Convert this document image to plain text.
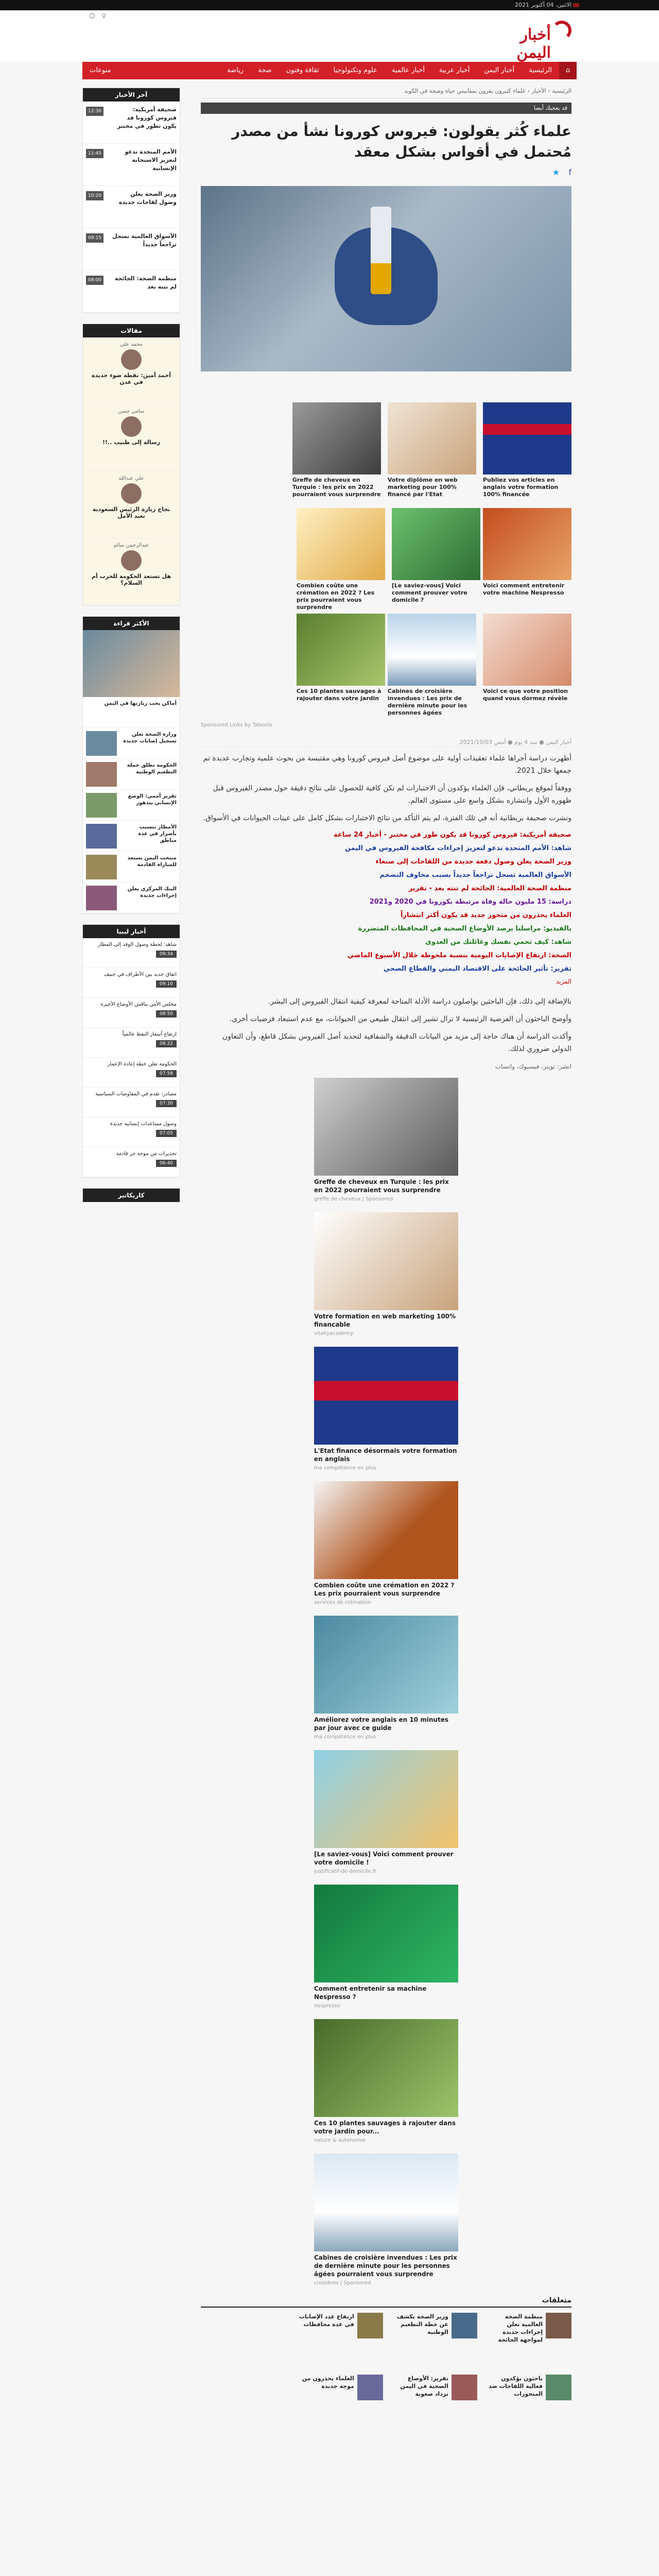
الاثنين، 04 أكتوبر 2021
أخبار اليمن
⚲ ☺
⌂
الرئيسية
أخبار اليمن
أخبار عربية
أخبار عالمية
علوم وتكنولوجيا
ثقافة وفنون
صحة
رياضة
منوعات
الرئيسية › الأخبار › علماء كثيرون يقرون بمقاييس حياة وصحة في الكويد
قد يعجبك أيضا
علماء كُثر يقولون: فيروس كورونا نشأ من مصدر مُحتمل في أقواس بشكل معقد
f ★
Publiez vos articles en anglais votre formation 100% financée

Votre diplôme en web marketing pour 100% financé par l'Etat

Greffe de cheveux en Turquie : les prix en 2022 pourraient vous surprendre

Voici comment entretenir votre machine Nespresso

[Le saviez-vous] Voici comment prouver votre domicile ?

Combien coûte une crémation en 2022 ? Les prix pourraient vous surprendre

Voici ce que votre position quand vous dormez révèle

Cabines de croisière invendues : Les prix de dernière minute pour les personnes âgées

Ces 10 plantes sauvages à rajouter dans votre jardin
Sponsored Links by Taboola
أخبار اليمن ‏● ‏منذ 4 يوم ‏● ‏أمس 2021/10/03

أظهرت دراسة أجراها علماء تعقيدات أولية على موضوع أصل فيروس كورونا وهي مقتبسة من بحوث علمية وتجارب عديدة تم جمعها خلال 2021.

ووفقاً لموقع بريطاني، فإن العلماء يؤكدون أن الاختبارات لم تكن كافية للحصول على نتائج دقيقة حول مصدر الفيروس قبل ظهوره الأول وانتشاره بشكل واسع على مستوى العالم.

ونشرت صحيفة بريطانية أنه في تلك الفترة، لم يتم التأكد من نتائج الاختبارات بشكل كامل على عينات الحيوانات في الأسواق.

صحيفة أمريكية: فيروس كورونا قد يكون طور في مختبر - أخبار 24 ساعة
شاهد: الأمم المتحدة تدعو لتعزيز إجراءات مكافحة الفيروس في اليمن
وزير الصحة يعلن وصول دفعة جديدة من اللقاحات إلى صنعاء
الأسواق العالمية تسجل تراجعاً جديداً بسبب مخاوف التضخم
منظمة الصحة العالمية: الجائحة لم تنته بعد - تقرير
دراسة: 15 مليون حالة وفاة مرتبطة بكورونا في 2020 و2021
العلماء يحذرون من متحور جديد قد يكون أكثر انتشاراً
بالفيديو: مراسلنا يرصد الأوضاع الصحية في المحافظات المتضررة
شاهد: كيف تحمي نفسك وعائلتك من العدوى
الصحة: ارتفاع الإصابات اليومية بنسبة ملحوظة خلال الأسبوع الماضي
تقرير: تأثير الجائحة على الاقتصاد اليمني والقطاع الصحي
المزيد

بالإضافة إلى ذلك، فإن الباحثين يواصلون دراسة الأدلة المتاحة لمعرفة كيفية انتقال الفيروس إلى البشر.

وأوضح الباحثون أن الفرضية الرئيسية لا تزال تشير إلى انتقال طبيعي من الحيوانات، مع عدم استبعاد فرضيات أخرى.

وأكدت الدراسة أن هناك حاجة إلى مزيد من البيانات الدقيقة والشفافية لتحديد أصل الفيروس بشكل قاطع، وأن التعاون الدولي ضروري لذلك.

انشر: تويتر، فيسبوك، واتساب
Greffe de cheveux en Turquie : les prix en 2022 pourraient vous surprendre
greffe de cheveux | Sponsored
Votre formation en web marketing 100% financable
vitaliyacademy
L'Etat finance désormais votre formation en anglais
ma compétence en plus
Combien coûte une crémation en 2022 ? Les prix pourraient vous surprendre
services de crémation
Améliorez votre anglais en 10 minutes par jour avec ce guide
ma compétence en plus
[Le saviez-vous] Voici comment prouver votre domicile !
justificatif-de-domicile.fr
Comment entretenir sa machine Nespresso ?
nespresso
Ces 10 plantes sauvages à rajouter dans votre jardin pour...
nature & autonomie
Cabines de croisière invendues : Les prix de dernière minute pour les personnes âgées pourraient vous surprendre
croisières | Sponsored
متعلقات
منظمة الصحة العالمية تعلن إجراءات جديدة لمواجهة الجائحة

وزير الصحة يكشف عن خطة التطعيم الوطنية

ارتفاع عدد الإصابات في عدة محافظات

باحثون يؤكدون فعالية اللقاحات ضد المتحورات

تقرير: الأوضاع الصحية في اليمن تزداد صعوبة

العلماء يحذرون من موجة جديدة
آخر الأخبار
12:30	صحيفة أمريكية: فيروس كورونا قد يكون تطور في مختبر
11:45	الأمم المتحدة تدعو لتعزيز الاستجابة الإنسانية
10:20	وزير الصحة يعلن وصول لقاحات جديدة
09:15	الأسواق العالمية تسجل تراجعاً جديداً
08:00	منظمة الصحة: الجائحة لم تنته بعد
مقالات
محمد علي
أحمد أمين: نقطة ضوء جديدة في عدن
سامي حسن
رسالة إلى طبيب ..!!
علي عبدالله
نجاح زيارة الرئيس السعودية تعيد الأمل
عبدالرحمن سالم
هل تستعد الحكومة للحرب أم السلام؟
الأكثر قراءة
أماكن يجب زيارتها في اليمن
وزارة الصحة تعلن تسجيل إصابات جديدة
الحكومة تطلق حملة التطعيم الوطنية
تقرير أممي: الوضع الإنساني يتدهور
الأمطار تتسبب بأضرار في عدة مناطق
منتخب اليمن يستعد للمباراة القادمة
البنك المركزي يعلن إجراءات جديدة
أخبار ليبيا
شاهد: لحظة وصول الوفد إلى المطار
09:34
اتفاق جديد بين الأطراف في جنيف
09:10
مجلس الأمن يناقش الأوضاع الأخيرة
08:50
ارتفاع أسعار النفط عالمياً
08:22
الحكومة تعلن خطة إعادة الإعمار
07:58
مصادر: تقدم في المفاوضات السياسية
07:30
وصول مساعدات إنسانية جديدة
07:05
تحذيرات من موجة حر قادمة
06:40
كاريكاتير
